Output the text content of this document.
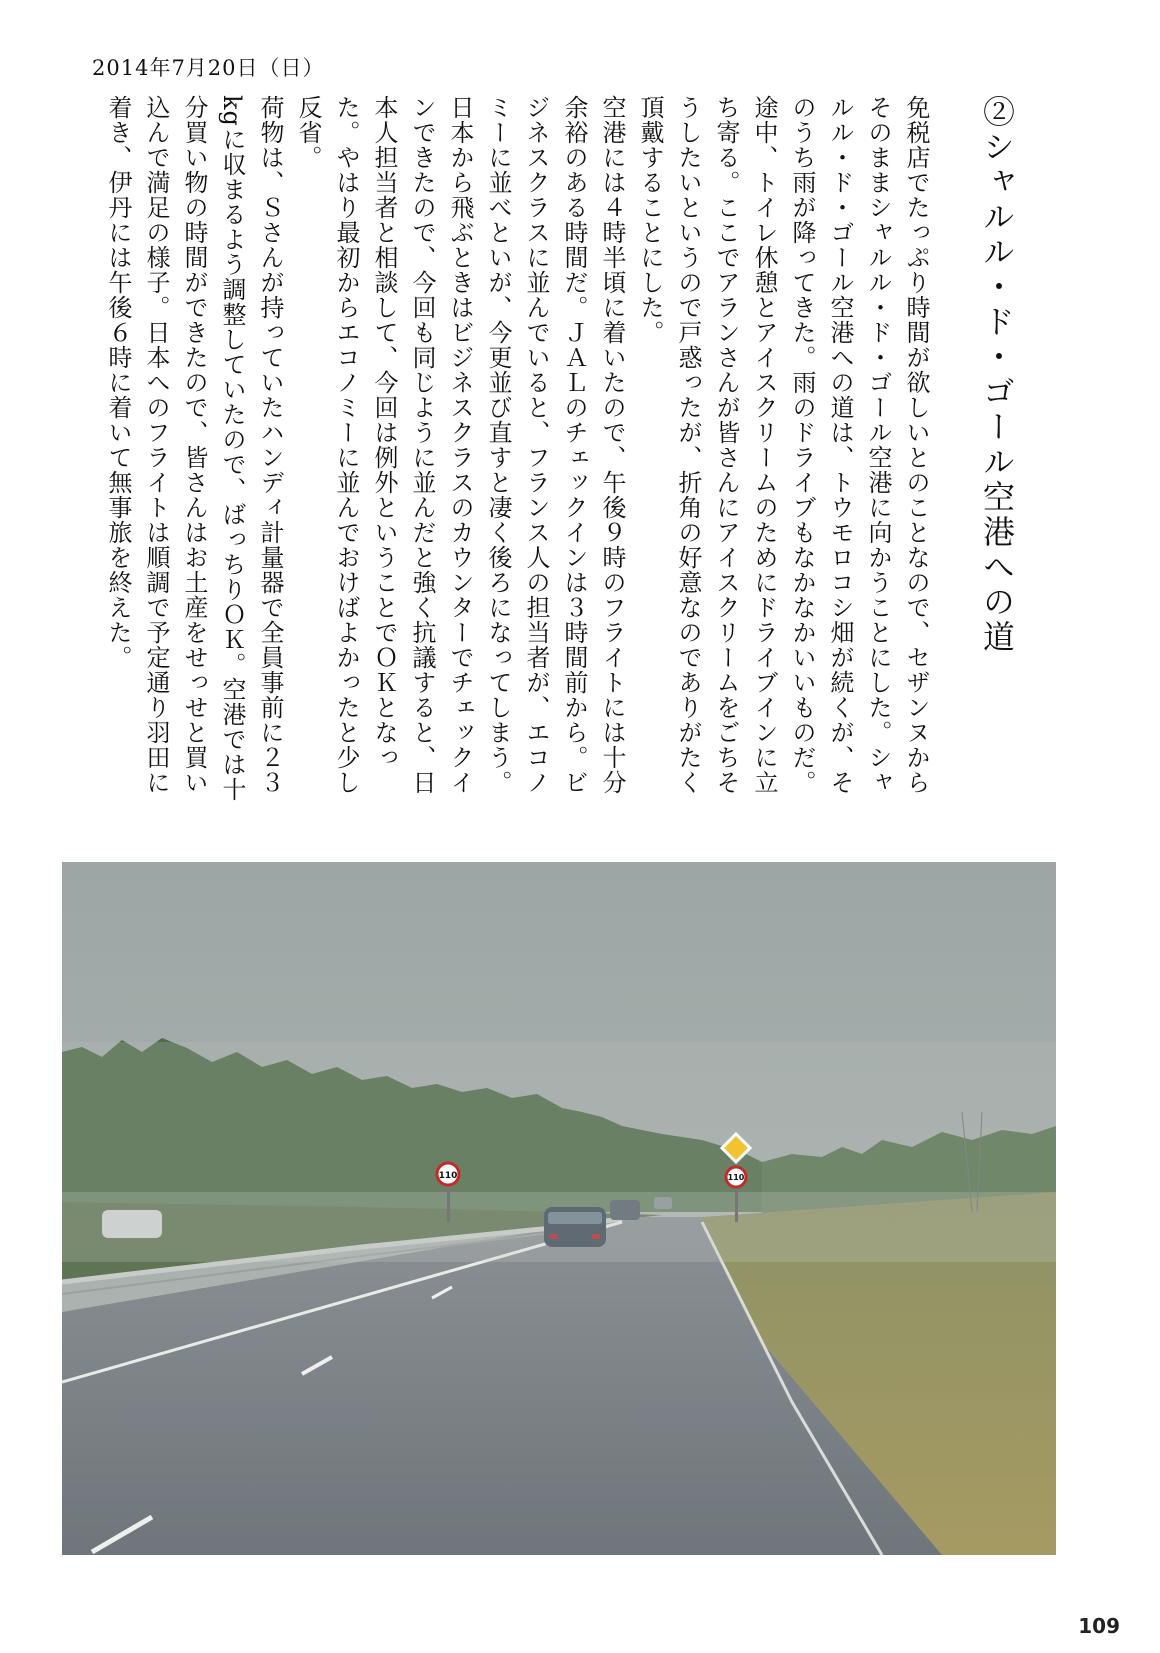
2014年7月20日（日）
②シャルル・ド・ゴール空港への道

免税店でたっぷり時間が欲しいとのことなので、セザンヌからそのままシャルル・ド・ゴール空港に向かうことにした。シャルル・ド・ゴール空港への道は、トウモロコシ畑が続くが、そのうち雨が降ってきた。雨のドライブもなかなかいいものだ。

途中、トイレ休憩とアイスクリームのためにドライブインに立ち寄る。ここでアランさんが皆さんにアイスクリームをごちそうしたいというので戸惑ったが、折角の好意なのでありがたく頂戴することにした。

空港には４時半頃に着いたので、午後９時のフライトには十分余裕のある時間だ。ＪＡＬのチェックインは３時間前から。ビジネスクラスに並んでいると、フランス人の担当者が、エコノミーに並べといが、今更並び直すと凄く後ろになってしまう。日本から飛ぶときはビジネスクラスのカウンターでチェックインできたので、今回も同じように並んだと強く抗議すると、日本人担当者と相談して、今回は例外ということでＯＫとなった。やはり最初からエコノミーに並んでおけばよかったと少し反省。

荷物は、Ｓさんが持っていたハンディ計量器で全員事前に２３kgに収まるよう調整していたので、ばっちりＯＫ。空港では十分買い物の時間ができたので、皆さんはお土産をせっせと買い込んで満足の様子。日本へのフライトは順調で予定通り羽田に着き、伊丹には午後６時に着いて無事旅を終えた。

110	110
109
